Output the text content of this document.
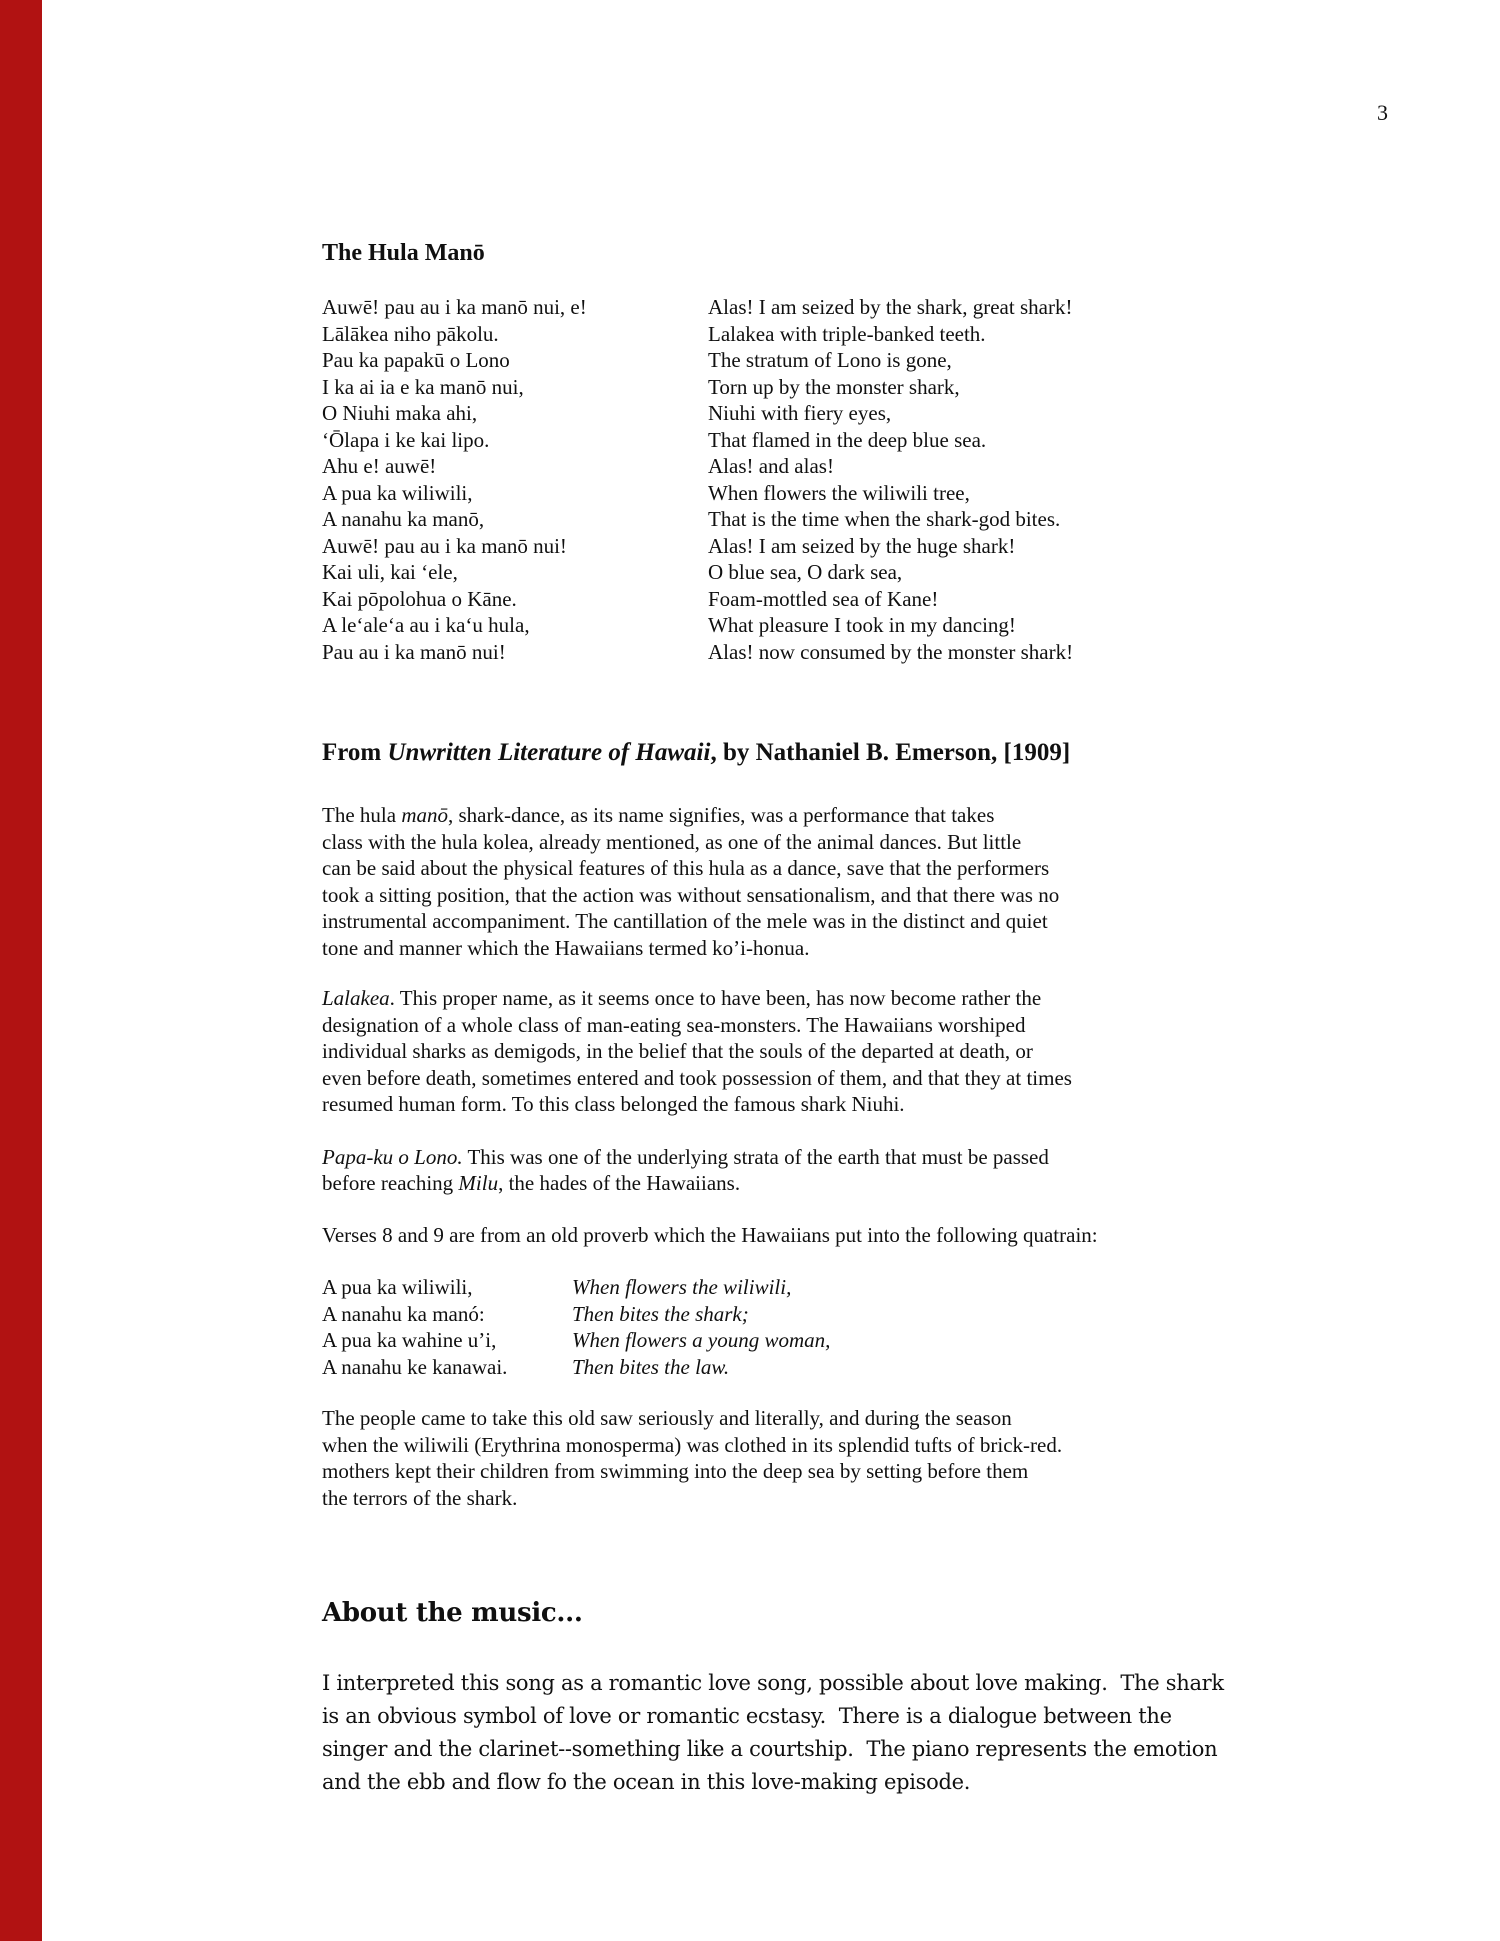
3
The Hula Manō
Auwē! pau au i ka manō nui, e!
Lālākea niho pākolu.
Pau ka papakū o Lono
I ka ai ia e ka manō nui,
O Niuhi maka ahi,
ʻŌlapa i ke kai lipo.
Ahu e! auwē!
A pua ka wiliwili,
A nanahu ka manō,
Auwē! pau au i ka manō nui!
Kai uli, kai ʻele,
Kai pōpolohua o Kāne.
A leʻaleʻa au i kaʻu hula,
Pau au i ka manō nui!
Alas! I am seized by the shark, great shark!
Lalakea with triple-banked teeth.
The stratum of Lono is gone,
Torn up by the monster shark,
Niuhi with fiery eyes,
That flamed in the deep blue sea.
Alas! and alas!
When flowers the wiliwili tree,
That is the time when the shark-god bites.
Alas! I am seized by the huge shark!
O blue sea, O dark sea,
Foam-mottled sea of Kane!
What pleasure I took in my dancing!
Alas! now consumed by the monster shark!
From Unwritten Literature of Hawaii, by Nathaniel B. Emerson, [1909]
The hula manō, shark-dance, as its name signifies, was a performance that takes
class with the hula kolea, already mentioned, as one of the animal dances. But little
can be said about the physical features of this hula as a dance, save that the performers
took a sitting position, that the action was without sensationalism, and that there was no
instrumental accompaniment. The cantillation of the mele was in the distinct and quiet
tone and manner which the Hawaiians termed ko’i-honua.
Lalakea. This proper name, as it seems once to have been, has now become rather the
designation of a whole class of man-eating sea-monsters. The Hawaiians worshiped
individual sharks as demigods, in the belief that the souls of the departed at death, or
even before death, sometimes entered and took possession of them, and that they at times
resumed human form. To this class belonged the famous shark Niuhi.
Papa-ku o Lono. This was one of the underlying strata of the earth that must be passed
before reaching Milu, the hades of the Hawaiians.
Verses 8 and 9 are from an old proverb which the Hawaiians put into the following quatrain:
A pua ka wiliwili,
A nanahu ka manó:
A pua ka wahine u’i,
A nanahu ke kanawai.
When flowers the wiliwili,
Then bites the shark;
When flowers a young woman,
Then bites the law.
The people came to take this old saw seriously and literally, and during the season
when the wiliwili (Erythrina monosperma) was clothed in its splendid tufts of brick-red.
mothers kept their children from swimming into the deep sea by setting before them
the terrors of the shark.
About the music...
I interpreted this song as a romantic love song, possible about love making.  The shark
is an obvious symbol of love or romantic ecstasy.  There is a dialogue between the
singer and the clarinet--something like a courtship.  The piano represents the emotion
and the ebb and flow fo the ocean in this love-making episode.
